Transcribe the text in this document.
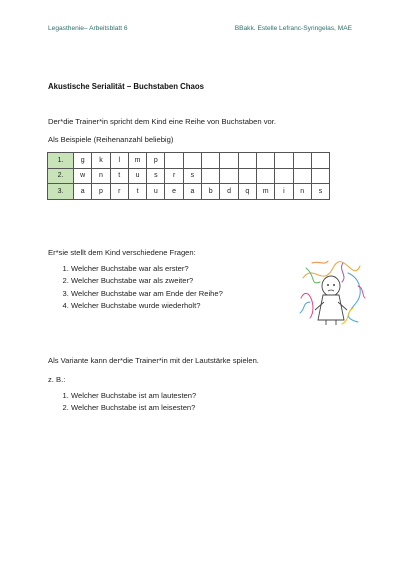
Legasthenie– Arbeitsblatt 6	BBakk. Estelle Lefranc-Syringelas, MAE
Akustische Serialität – Buchstaben Chaos
Der*die Trainer*in spricht dem Kind eine Reihe von Buchstaben vor.
Als Beispiele (Reihenanzahl beliebig)
1.	g	k	l	m	p									
2.	w	n	t	u	s	r	s							
3.	a	p	r	t	u	e	a	b	d	q	m	i	n	s
Er*sie stellt dem Kind verschiedene Fragen:
1. Welcher Buchstabe war als erster?
2. Welcher Buchstabe war als zweiter?
3. Welcher Buchstabe war am Ende der Reihe?
4. Welcher Buchstabe wurde wiederholt?
Als Variante kann der*die Trainer*in mit der Lautstärke spielen.
z. B.:
1. Welcher Buchstabe ist am lautesten?
2. Welcher Buchstabe ist am leisesten?
